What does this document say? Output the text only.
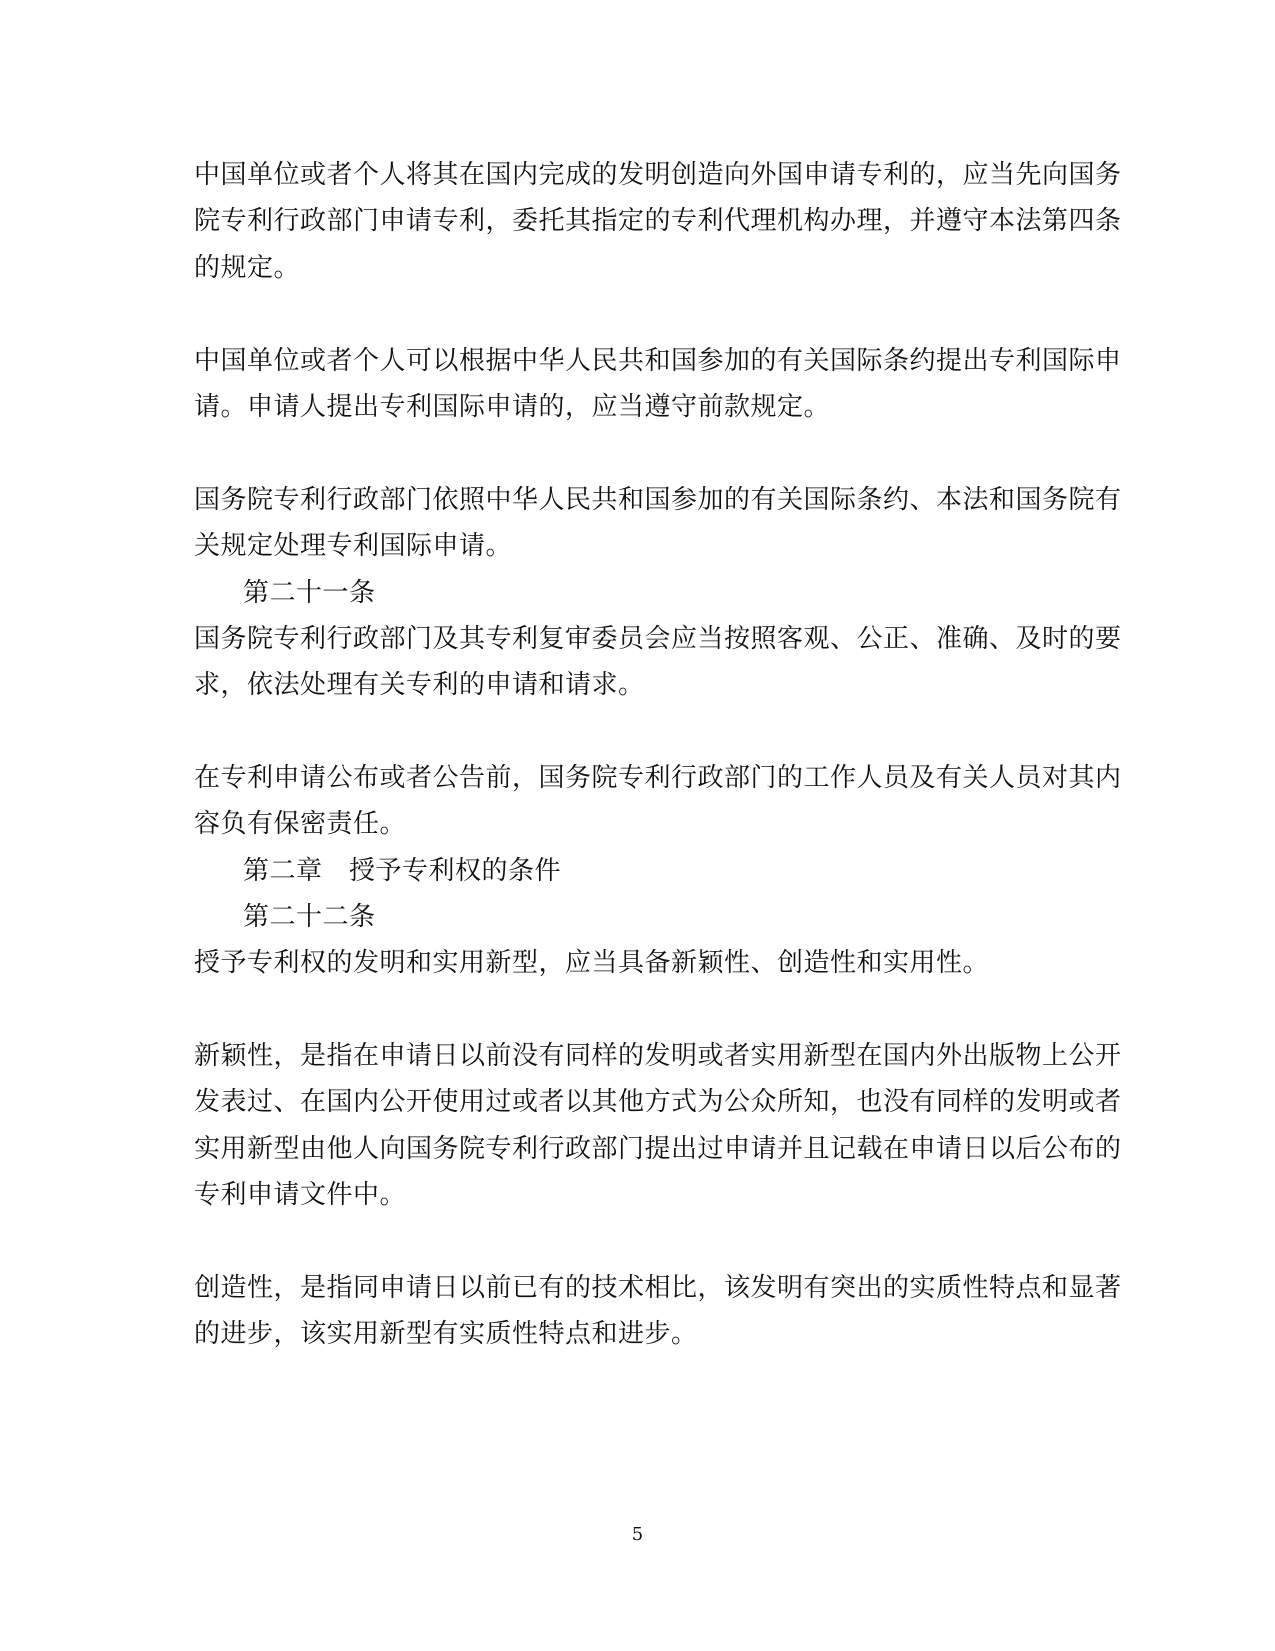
中国单位或者个人将其在国内完成的发明创造向外国申请专利的，应当先向国务
院专利行政部门申请专利，委托其指定的专利代理机构办理，并遵守本法第四条
的规定。
中国单位或者个人可以根据中华人民共和国参加的有关国际条约提出专利国际申
请。申请人提出专利国际申请的，应当遵守前款规定。
国务院专利行政部门依照中华人民共和国参加的有关国际条约、本法和国务院有
关规定处理专利国际申请。
第二十一条
国务院专利行政部门及其专利复审委员会应当按照客观、公正、准确、及时的要
求，依法处理有关专利的申请和请求。
在专利申请公布或者公告前，国务院专利行政部门的工作人员及有关人员对其内
容负有保密责任。
第二章　授予专利权的条件
第二十二条
授予专利权的发明和实用新型，应当具备新颖性、创造性和实用性。
新颖性，是指在申请日以前没有同样的发明或者实用新型在国内外出版物上公开
发表过、在国内公开使用过或者以其他方式为公众所知，也没有同样的发明或者
实用新型由他人向国务院专利行政部门提出过申请并且记载在申请日以后公布的
专利申请文件中。
创造性，是指同申请日以前已有的技术相比，该发明有突出的实质性特点和显著
的进步，该实用新型有实质性特点和进步。
5
